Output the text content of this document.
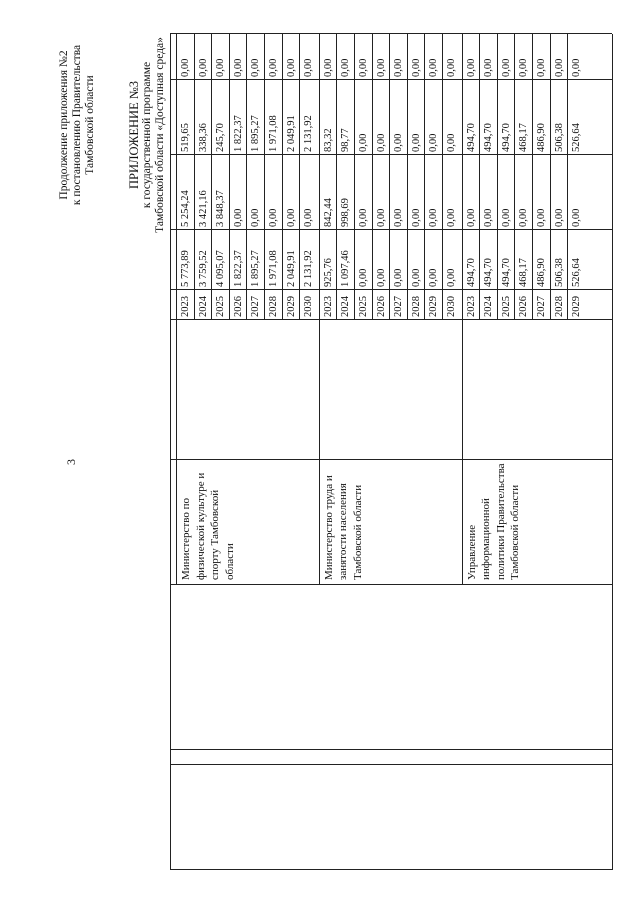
3
Продолжение приложения №2 к постановлению Правительства Тамбовской области ПРИЛОЖЕНИЕ №3 к государственной программе Тамбовской области «Доступная среда»
Министерство по физической культуре и спорту Тамбовской области
2023
5 773,89
5 254,24
519,65
0,00
2024
3 759,52
3 421,16
338,36
0,00
2025
4 095,07
3 848,37
245,70
0,00
2026
1 822,37
0,00
1 822,37
0,00
2027
1 895,27
0,00
1 895,27
0,00
2028
1 971,08
0,00
1 971,08
0,00
2029
2 049,91
0,00
2 049,91
0,00
2030
2 131,92
0,00
2 131,92
0,00
Министерство труда и занятости населения Тамбовской области
2023
925,76
842,44
83,32
0,00
2024
1 097,46
998,69
98,77
0,00
2025
0,00
0,00
0,00
0,00
2026
0,00
0,00
0,00
0,00
2027
0,00
0,00
0,00
0,00
2028
0,00
0,00
0,00
0,00
2029
0,00
0,00
0,00
0,00
2030
0,00
0,00
0,00
0,00
Управление информационной политики Правительства Тамбовской области
2023
494,70
0,00
494,70
0,00
2024
494,70
0,00
494,70
0,00
2025
494,70
0,00
494,70
0,00
2026
468,17
0,00
468,17
0,00
2027
486,90
0,00
486,90
0,00
2028
506,38
0,00
506,38
0,00
2029
526,64
0,00
526,64
0,00
